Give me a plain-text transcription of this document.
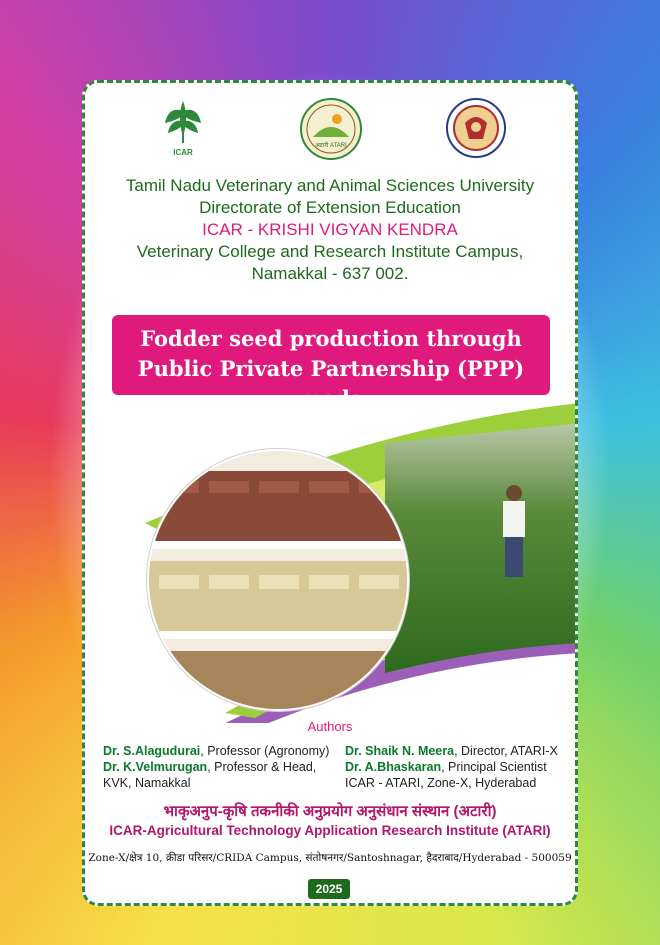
ICAR
अटारी ATARI
Tamil Nadu Veterinary and Animal Sciences University
Directorate of Extension Education
ICAR - KRISHI VIGYAN KENDRA
Veterinary College and Research Institute Campus,
Namakkal - 637 002.
Fodder seed production through
Public Private Partnership (PPP) mode
Authors
Dr. S.Alagudurai, Professor (Agronomy)
Dr. K.Velmurugan, Professor & Head,
KVK, Namakkal
Dr. Shaik N. Meera, Director, ATARI-X
Dr. A.Bhaskaran, Principal Scientist
ICAR - ATARI, Zone-X, Hyderabad
भाकृअनुप-कृषि तकनीकी अनुप्रयोग अनुसंधान संस्थान (अटारी)
ICAR-Agricultural Technology Application Research Institute (ATARI)
Zone-X/क्षेत्र 10, क्रीडा परिसर/CRIDA Campus, संतोषनगर/Santoshnagar, हैदराबाद/Hyderabad - 500059
2025
